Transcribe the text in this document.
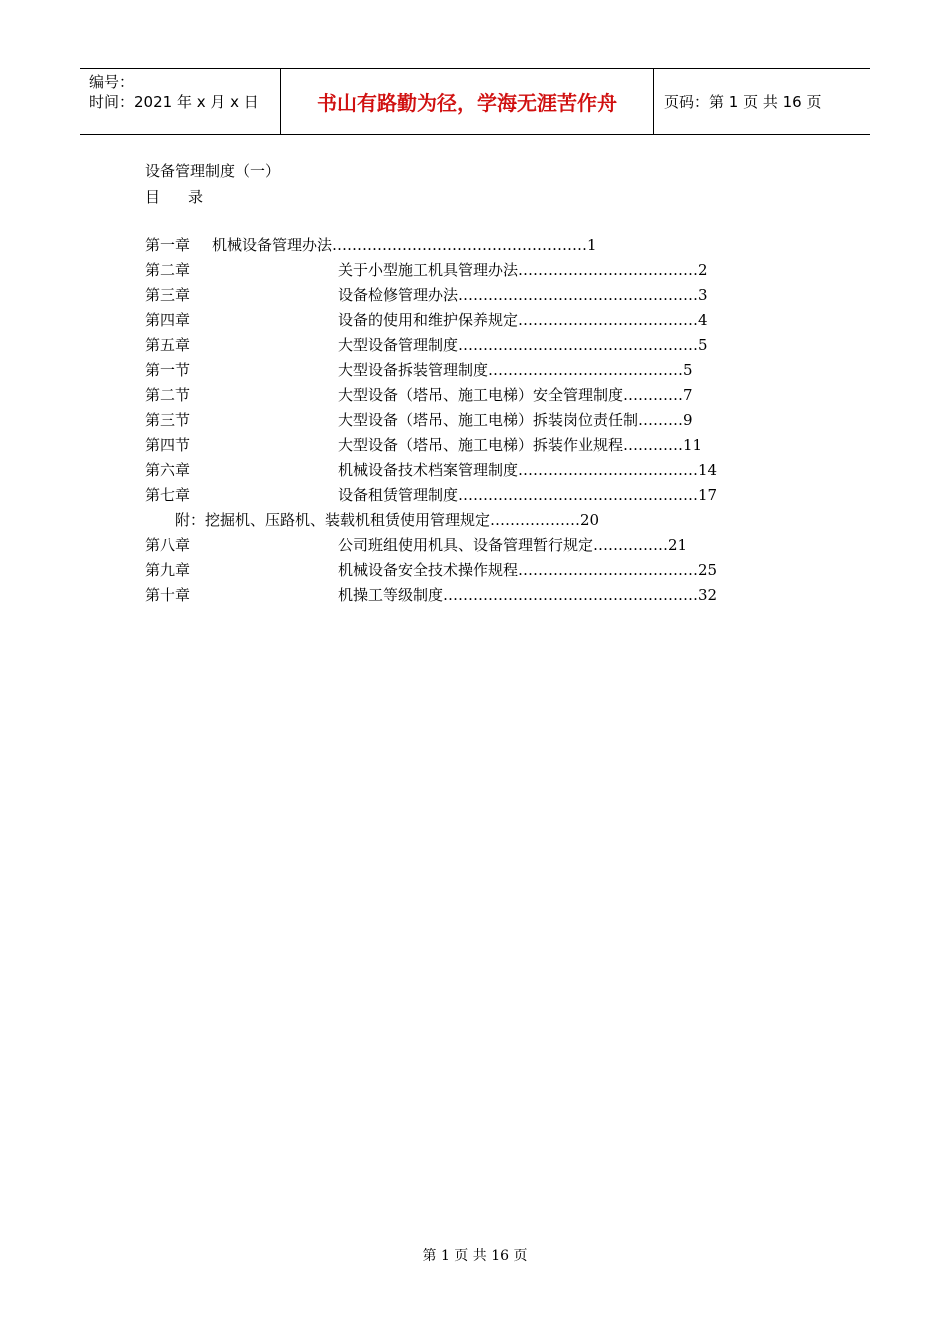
编号：
时间：2021 年 x 月 x 日	书山有路勤为径，学海无涯苦作舟	页码：第 1 页 共 16 页
设备管理制度（一）
目 录
第一章 机械设备管理办法……………………………………………1
第二章	关于小型施工机具管理办法………………………………2
第三章	设备检修管理办法…………………………………………3
第四章	设备的使用和维护保养规定………………………………4
第五章	大型设备管理制度…………………………………………5
第一节	大型设备拆装管理制度…………………………………5
第二节	大型设备（塔吊、施工电梯）安全管理制度…………7
第三节	大型设备（塔吊、施工电梯）拆装岗位责任制………9
第四节	大型设备（塔吊、施工电梯）拆装作业规程…………11
第六章	机械设备技术档案管理制度………………………………14
第七章	设备租赁管理制度…………………………………………17
附：挖掘机、压路机、装载机租赁使用管理规定………………20
第八章	公司班组使用机具、设备管理暂行规定……………21
第九章	机械设备安全技术操作规程………………………………25
第十章	机操工等级制度……………………………………………32
第 1 页 共 16 页
